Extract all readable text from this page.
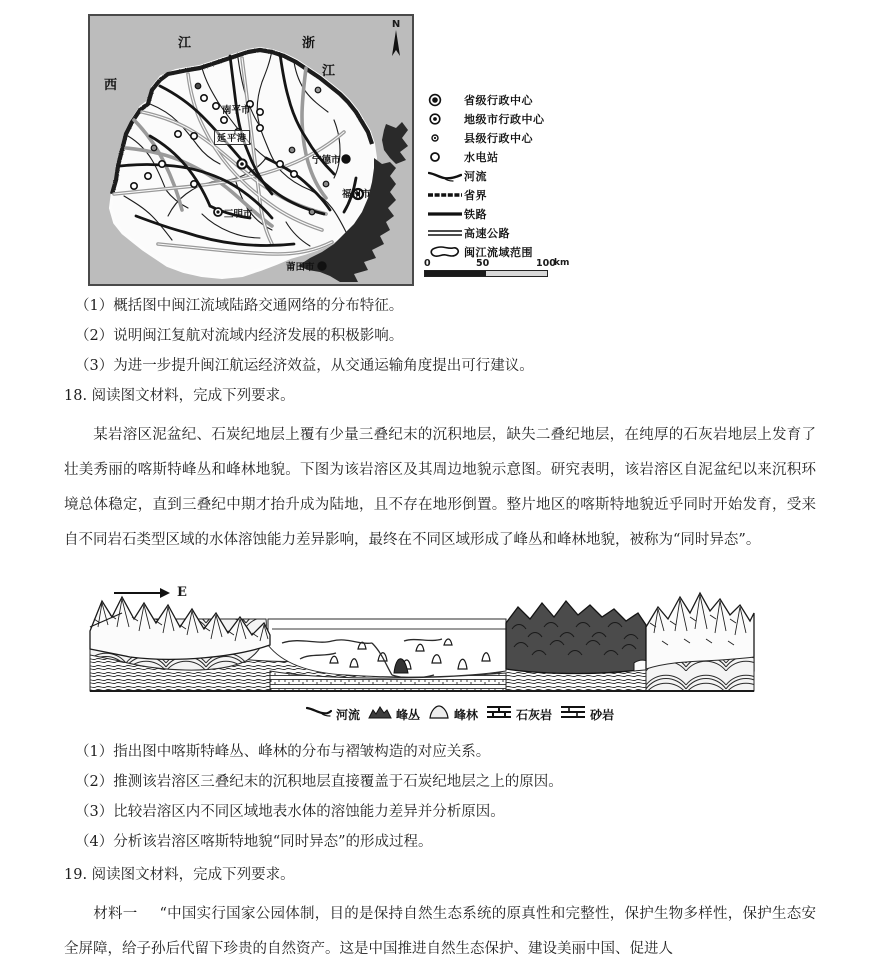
江
西
浙
江
南平市
宁德市
福州市
三明市
莆田市
延平港
N
省级行政中心
地级市行政中心
县级行政中心
水电站
河流
省界
铁路
高速公路
闽江流域范围
0	50	100
km
（1）概括图中闽江流域陆路交通网络的分布特征。
（2）说明闽江复航对流域内经济发展的积极影响。
（3）为进一步提升闽江航运经济效益，从交通运输角度提出可行建议。
18. 阅读图文材料，完成下列要求。
某岩溶区泥盆纪、石炭纪地层上覆有少量三叠纪末的沉积地层，缺失二叠纪地层，在纯厚的石灰岩地层上发育了壮美秀丽的喀斯特峰丛和峰林地貌。下图为该岩溶区及其周边地貌示意图。研究表明，该岩溶区自泥盆纪以来沉积环境总体稳定，直到三叠纪中期才抬升成为陆地，且不存在地形倒置。整片地区的喀斯特地貌近乎同时开始发育，受来自不同岩石类型区域的水体溶蚀能力差异影响，最终在不同区域形成了峰丛和峰林地貌，被称为“同时异态”。
E
河流	峰丛	峰林	石灰岩	砂岩
（1）指出图中喀斯特峰丛、峰林的分布与褶皱构造的对应关系。
（2）推测该岩溶区三叠纪末的沉积地层直接覆盖于石炭纪地层之上的原因。
（3）比较岩溶区内不同区域地表水体的溶蚀能力差异并分析原因。
（4）分析该岩溶区喀斯特地貌“同时异态”的形成过程。
19. 阅读图文材料，完成下列要求。
材料一 “中国实行国家公园体制，目的是保持自然生态系统的原真性和完整性，保护生物多样性，保护生态安全屏障，给子孙后代留下珍贵的自然资产。这是中国推进自然生态保护、建设美丽中国、促进人
